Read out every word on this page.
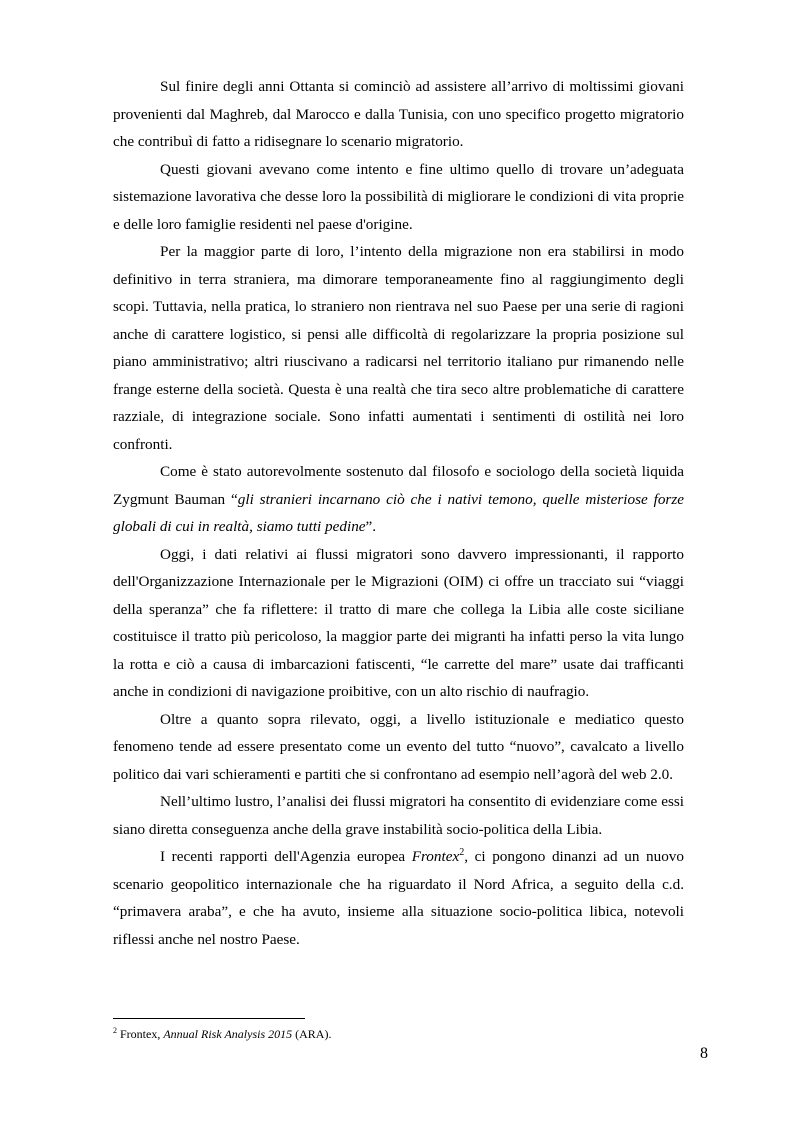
Sul finire degli anni Ottanta si cominciò ad assistere all’arrivo di moltissimi giovani provenienti dal Maghreb, dal Marocco e dalla Tunisia, con uno specifico progetto migratorio che contribuì di fatto a ridisegnare lo scenario migratorio.

Questi giovani avevano come intento e fine ultimo quello di trovare un’adeguata sistemazione lavorativa che desse loro la possibilità di migliorare le condizioni di vita proprie e delle loro famiglie residenti nel paese d'origine.

Per la maggior parte di loro, l’intento della migrazione non era stabilirsi in modo definitivo in terra straniera, ma dimorare temporaneamente fino al raggiungimento degli scopi. Tuttavia, nella pratica, lo straniero non rientrava nel suo Paese per una serie di ragioni anche di carattere logistico, si pensi alle difficoltà di regolarizzare la propria posizione sul piano amministrativo; altri riuscivano a radicarsi nel territorio italiano pur rimanendo nelle frange esterne della società. Questa è una realtà che tira seco altre problematiche di carattere razziale, di integrazione sociale. Sono infatti aumentati i sentimenti di ostilità nei loro confronti.

Come è stato autorevolmente sostenuto dal filosofo e sociologo della società liquida Zygmunt Bauman “gli stranieri incarnano ciò che i nativi temono, quelle misteriose forze globali di cui in realtà, siamo tutti pedine”.

Oggi, i dati relativi ai flussi migratori sono davvero impressionanti, il rapporto dell'Organizzazione Internazionale per le Migrazioni (OIM) ci offre un tracciato sui “viaggi della speranza” che fa riflettere: il tratto di mare che collega la Libia alle coste siciliane costituisce il tratto più pericoloso, la maggior parte dei migranti ha infatti perso la vita lungo la rotta e ciò a causa di imbarcazioni fatiscenti, “le carrette del mare” usate dai trafficanti anche in condizioni di navigazione proibitive, con un alto rischio di naufragio.

Oltre a quanto sopra rilevato, oggi, a livello istituzionale e mediatico questo fenomeno tende ad essere presentato come un evento del tutto “nuovo”, cavalcato a livello politico dai vari schieramenti e partiti che si confrontano ad esempio nell’agorà del web 2.0.

Nell’ultimo lustro, l’analisi dei flussi migratori ha consentito di evidenziare come essi siano diretta conseguenza anche della grave instabilità socio-politica della Libia.

I recenti rapporti dell'Agenzia europea Frontex$^2$, ci pongono dinanzi ad un nuovo scenario geopolitico internazionale che ha riguardato il Nord Africa, a seguito della c.d. “primavera araba”, e che ha avuto, insieme alla situazione socio-politica libica, notevoli riflessi anche nel nostro Paese.

$^2$ Frontex, Annual Risk Analysis 2015 (ARA).
8
